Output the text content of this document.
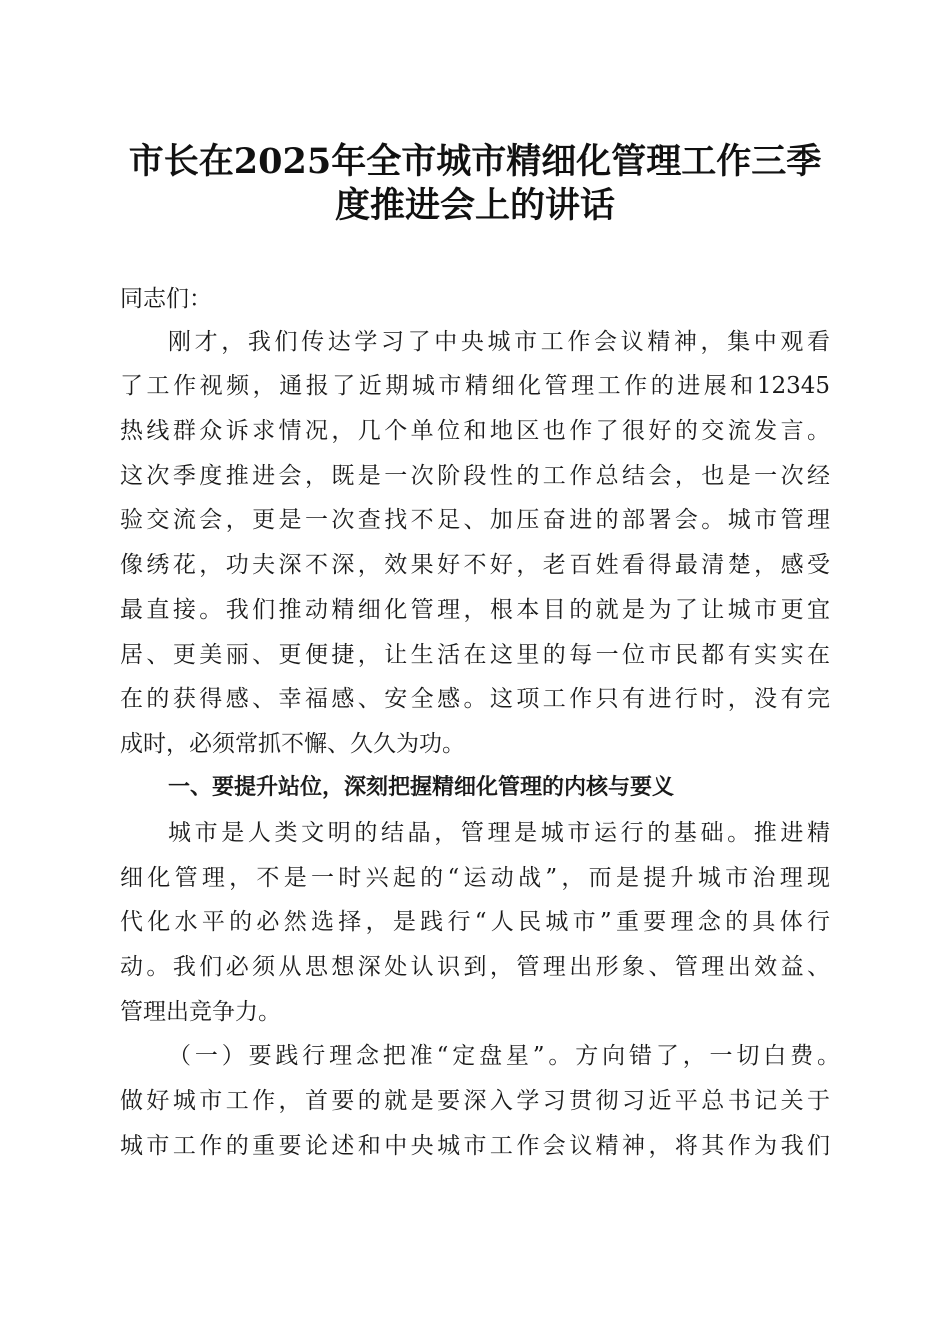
市长在2025年全市城市精细化管理工作三季
度推进会上的讲话
同志们：
刚才，我们传达学习了中央城市工作会议精神，集中观看
了工作视频，通报了近期城市精细化管理工作的进展和12345
热线群众诉求情况，几个单位和地区也作了很好的交流发言。
这次季度推进会，既是一次阶段性的工作总结会，也是一次经
验交流会，更是一次查找不足、加压奋进的部署会。城市管理
像绣花，功夫深不深，效果好不好，老百姓看得最清楚，感受
最直接。我们推动精细化管理，根本目的就是为了让城市更宜
居、更美丽、更便捷，让生活在这里的每一位市民都有实实在
在的获得感、幸福感、安全感。这项工作只有进行时，没有完
成时，必须常抓不懈、久久为功。
一、要提升站位，深刻把握精细化管理的内核与要义
城市是人类文明的结晶，管理是城市运行的基础。推进精
细化管理，不是一时兴起的“运动战”，而是提升城市治理现
代化水平的必然选择，是践行“人民城市”重要理念的具体行
动。我们必须从思想深处认识到，管理出形象、管理出效益、
管理出竞争力。
（一）要践行理念把准“定盘星”。方向错了，一切白费。
做好城市工作，首要的就是要深入学习贯彻习近平总书记关于
城市工作的重要论述和中央城市工作会议精神，将其作为我们
